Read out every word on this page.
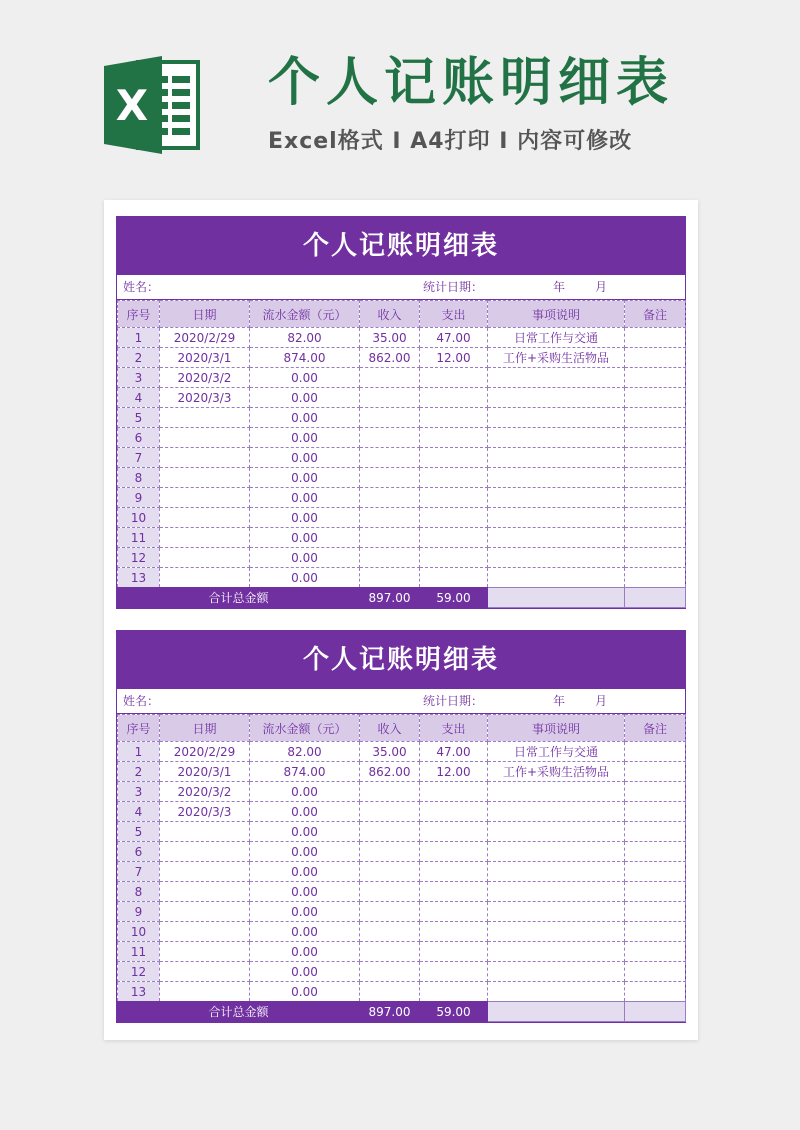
X 个人记账明细表
Excel格式 I A4打印 I 内容可修改
个人记账明细表
姓名：	统计日期：	年 月
序号	日期	流水金额（元）	收入	支出	事项说明	备注
1	2020/2/29	82.00	35.00	47.00	日常工作与交通	
2	2020/3/1	874.00	862.00	12.00	工作+采购生活物品	
3	2020/3/2	0.00				
4	2020/3/3	0.00				
5		0.00				
6		0.00				
7		0.00				
8		0.00				
9		0.00				
10		0.00				
11		0.00				
12		0.00				
13		0.00				
合计总金额			897.00	59.00		
个人记账明细表
姓名：	统计日期：	年 月
序号	日期	流水金额（元）	收入	支出	事项说明	备注
1	2020/2/29	82.00	35.00	47.00	日常工作与交通	
2	2020/3/1	874.00	862.00	12.00	工作+采购生活物品	
3	2020/3/2	0.00				
4	2020/3/3	0.00				
5		0.00				
6		0.00				
7		0.00				
8		0.00				
9		0.00				
10		0.00				
11		0.00				
12		0.00				
13		0.00				
合计总金额			897.00	59.00		
